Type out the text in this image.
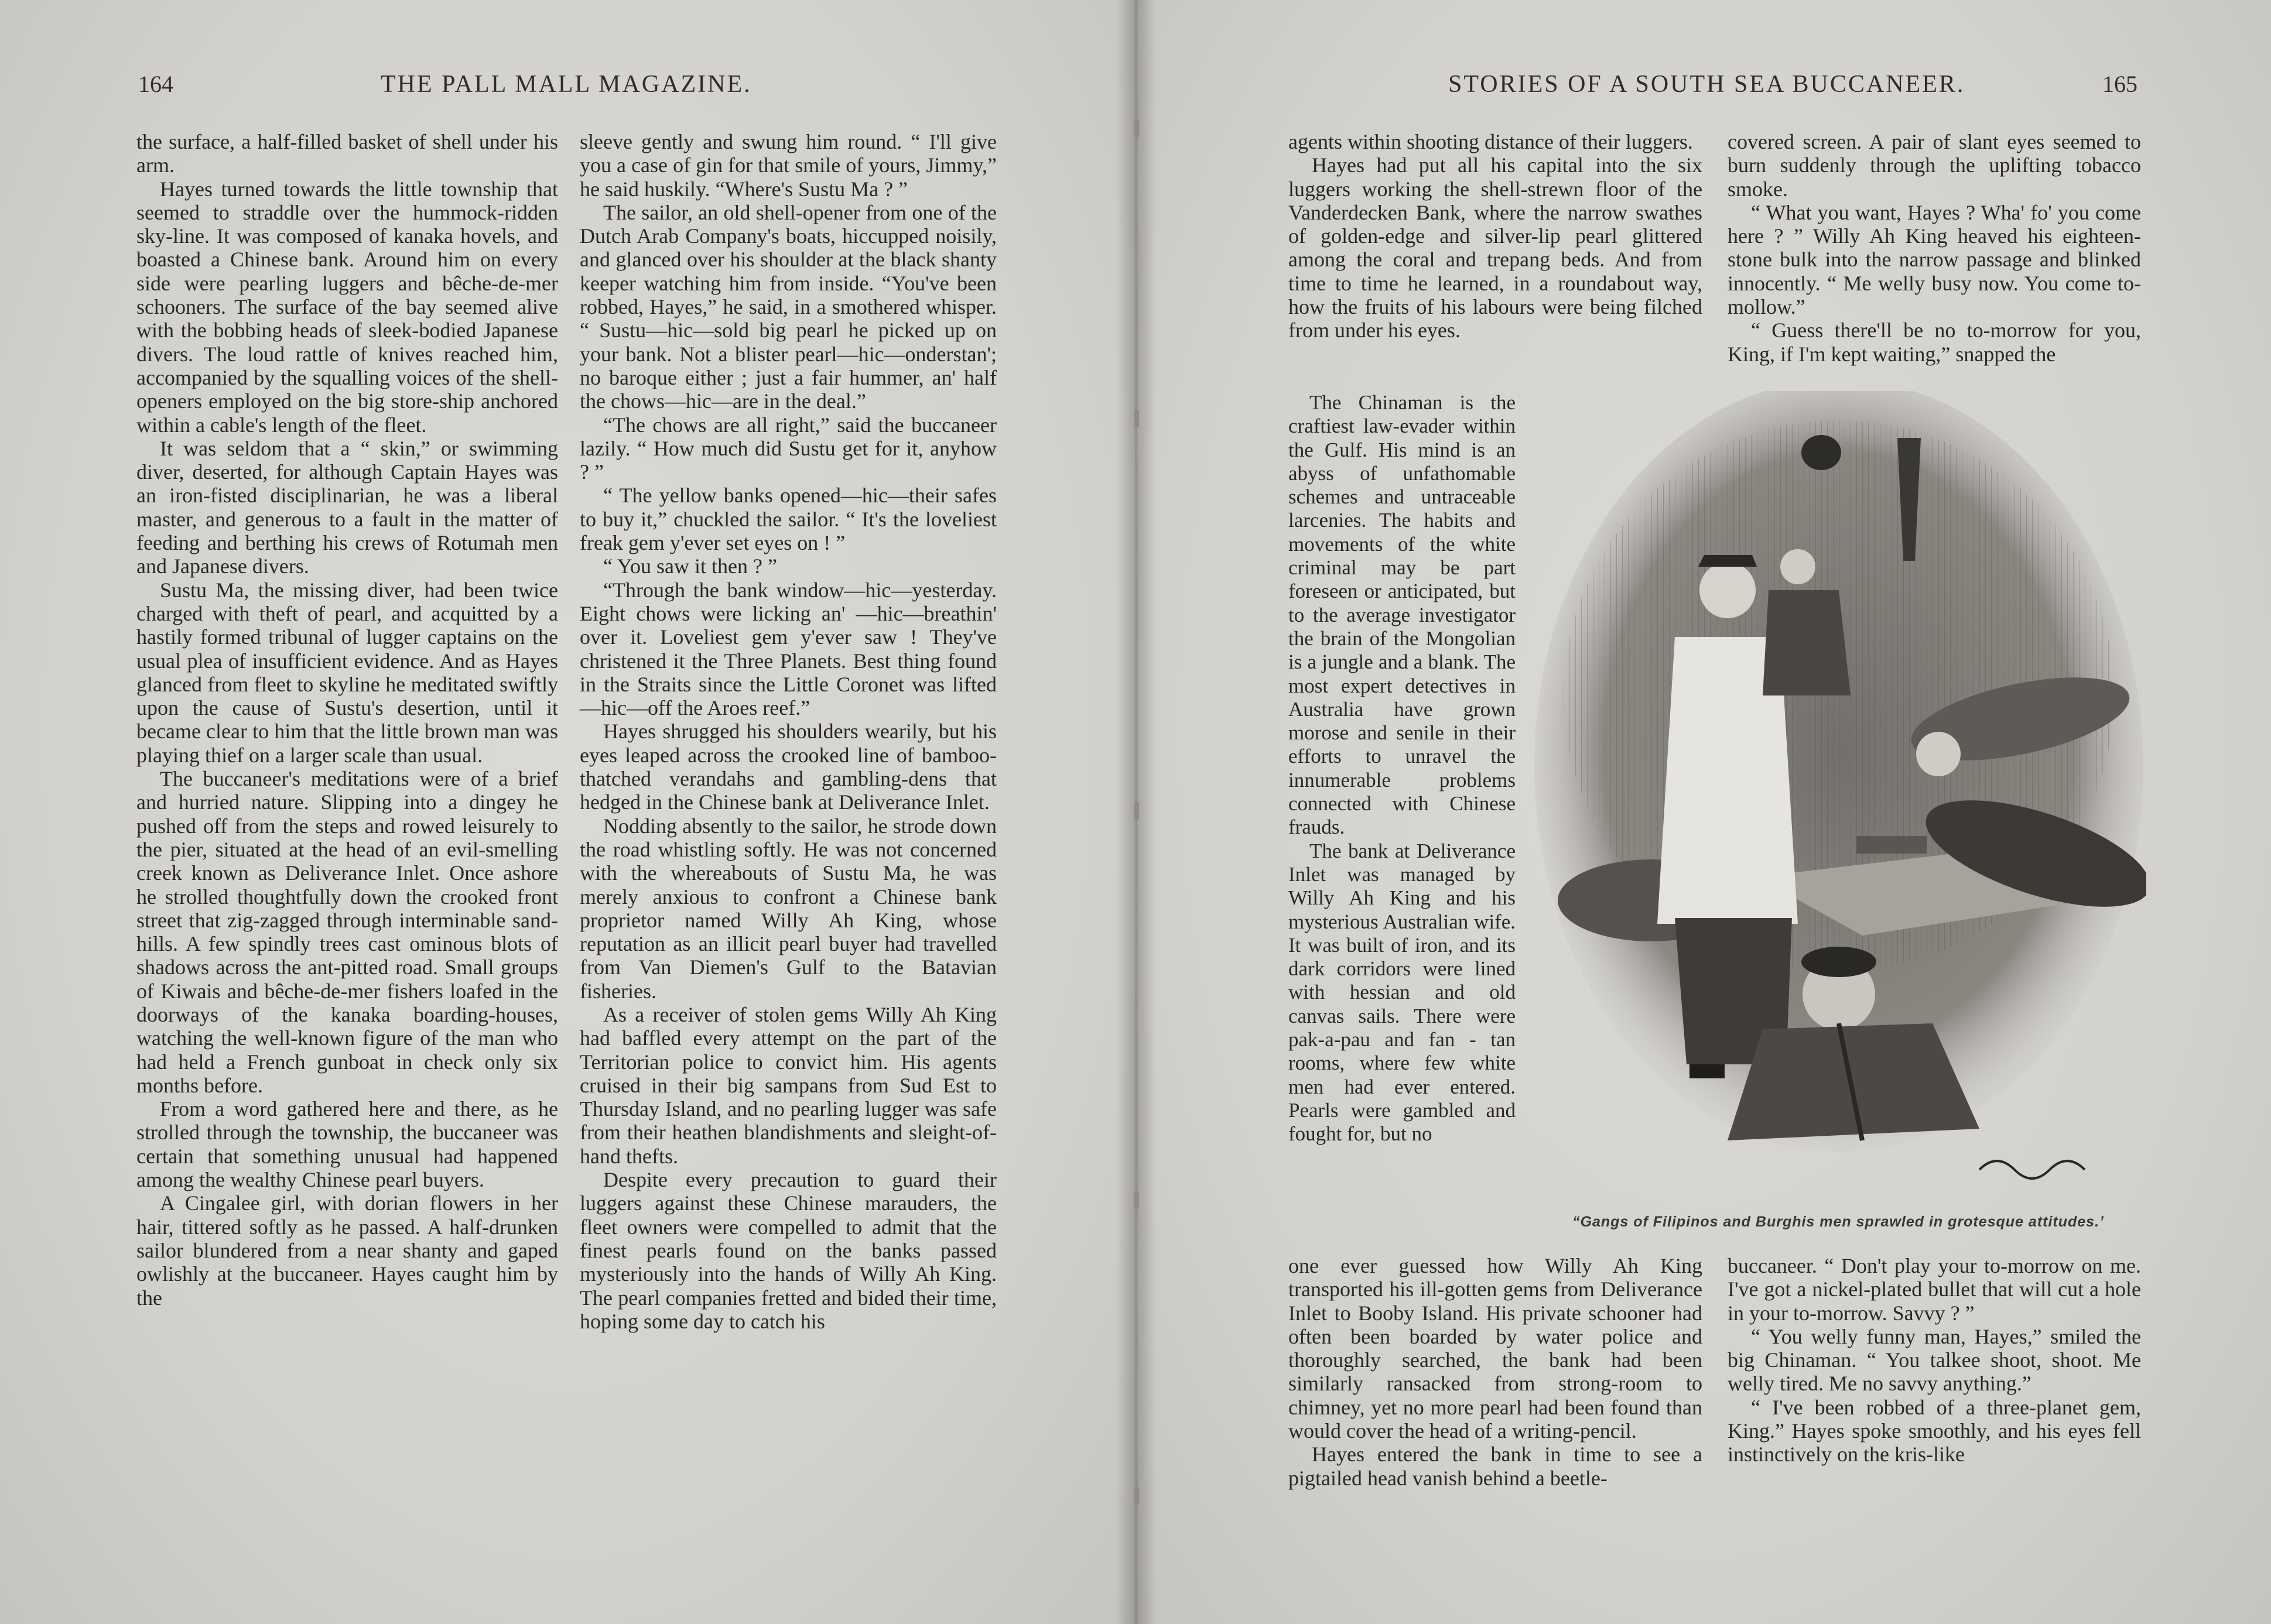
164	THE PALL MALL MAGAZINE.	STORIES OF A SOUTH SEA BUCCANEER.	165

the surface, a half-filled basket of shell under his arm.

Hayes turned towards the little township that seemed to straddle over the hummock-ridden sky-line. It was composed of kanaka hovels, and boasted a Chinese bank. Around him on every side were pearling luggers and bêche-de-mer schooners. The surface of the bay seemed alive with the bobbing heads of sleek-bodied Japanese divers. The loud rattle of knives reached him, accompanied by the squalling voices of the shell-openers employed on the big store-ship anchored within a cable's length of the fleet.

It was seldom that a “ skin,” or swimming diver, deserted, for although Captain Hayes was an iron-fisted disciplinarian, he was a liberal master, and generous to a fault in the matter of feeding and berthing his crews of Rotumah men and Japanese divers.

Sustu Ma, the missing diver, had been twice charged with theft of pearl, and acquitted by a hastily formed tribunal of lugger captains on the usual plea of insufficient evidence. And as Hayes glanced from fleet to skyline he meditated swiftly upon the cause of Sustu's desertion, until it became clear to him that the little brown man was playing thief on a larger scale than usual.

The buccaneer's meditations were of a brief and hurried nature. Slipping into a dingey he pushed off from the steps and rowed leisurely to the pier, situated at the head of an evil-smelling creek known as Deliverance Inlet. Once ashore he strolled thoughtfully down the crooked front street that zig-zagged through interminable sand-hills. A few spindly trees cast ominous blots of shadows across the ant-pitted road. Small groups of Kiwais and bêche-de-mer fishers loafed in the doorways of the kanaka boarding-houses, watching the well-known figure of the man who had held a French gunboat in check only six months before.

From a word gathered here and there, as he strolled through the township, the buccaneer was certain that something unusual had happened among the wealthy Chinese pearl buyers.

A Cingalee girl, with dorian flowers in her hair, tittered softly as he passed. A half-drunken sailor blundered from a near shanty and gaped owlishly at the buccaneer. Hayes caught him by the

sleeve gently and swung him round. “ I'll give you a case of gin for that smile of yours, Jimmy,” he said huskily. “Where's Sustu Ma ? ”

The sailor, an old shell-opener from one of the Dutch Arab Company's boats, hiccupped noisily, and glanced over his shoulder at the black shanty keeper watching him from inside. “You've been robbed, Hayes,” he said, in a smothered whisper. “ Sustu—hic—sold big pearl he picked up on your bank. Not a blister pearl—hic—onderstan'; no baroque either ; just a fair hummer, an' half the chows—hic—are in the deal.”

“The chows are all right,” said the buccaneer lazily. “ How much did Sustu get for it, anyhow ? ”

“ The yellow banks opened—hic—their safes to buy it,” chuckled the sailor. “ It's the loveliest freak gem y'ever set eyes on ! ”

“ You saw it then ? ”

“Through the bank window—hic—yesterday. Eight chows were licking an' —hic—breathin' over it. Loveliest gem y'ever saw ! They've christened it the Three Planets. Best thing found in the Straits since the Little Coronet was lifted —hic—off the Aroes reef.”

Hayes shrugged his shoulders wearily, but his eyes leaped across the crooked line of bamboo-thatched verandahs and gambling-dens that hedged in the Chinese bank at Deliverance Inlet.

Nodding absently to the sailor, he strode down the road whistling softly. He was not concerned with the whereabouts of Sustu Ma, he was merely anxious to confront a Chinese bank proprietor named Willy Ah King, whose reputation as an illicit pearl buyer had travelled from Van Diemen's Gulf to the Batavian fisheries.

As a receiver of stolen gems Willy Ah King had baffled every attempt on the part of the Territorian police to convict him. His agents cruised in their big sampans from Sud Est to Thursday Island, and no pearling lugger was safe from their heathen blandishments and sleight-of-hand thefts.

Despite every precaution to guard their luggers against these Chinese marauders, the fleet owners were compelled to admit that the finest pearls found on the banks passed mysteriously into the hands of Willy Ah King. The pearl companies fretted and bided their time, hoping some day to catch his

agents within shooting distance of their luggers.

Hayes had put all his capital into the six luggers working the shell-strewn floor of the Vanderdecken Bank, where the narrow swathes of golden-edge and silver-lip pearl glittered among the coral and trepang beds. And from time to time he learned, in a roundabout way, how the fruits of his labours were being filched from under his eyes.

The Chinaman is the craftiest law-evader within the Gulf. His mind is an abyss of unfathomable schemes and untraceable larcenies. The habits and movements of the white criminal may be part foreseen or anticipated, but to the average investigator the brain of the Mongolian is a jungle and a blank. The most expert detectives in Australia have grown morose and senile in their efforts to unravel the innumerable problems connected with Chinese frauds.

The bank at Deliverance Inlet was managed by Willy Ah King and his mysterious Australian wife. It was built of iron, and its dark corridors were lined with hessian and old canvas sails. There were pak-a-pau and fan - tan rooms, where few white men had ever entered. Pearls were gambled and fought for, but no

one ever guessed how Willy Ah King transported his ill-gotten gems from Deliverance Inlet to Booby Island. His private schooner had often been boarded by water police and thoroughly searched, the bank had been similarly ransacked from strong-room to chimney, yet no more pearl had been found than would cover the head of a writing-pencil.

Hayes entered the bank in time to see a pigtailed head vanish behind a beetle-

covered screen. A pair of slant eyes seemed to burn suddenly through the uplifting tobacco smoke.

“ What you want, Hayes ? Wha' fo' you come here ? ” Willy Ah King heaved his eighteen-stone bulk into the narrow passage and blinked innocently. “ Me welly busy now. You come to-mollow.”

“ Guess there'll be no to-morrow for you, King, if I'm kept waiting,” snapped the

buccaneer. “ Don't play your to-morrow on me. I've got a nickel-plated bullet that will cut a hole in your to-morrow. Savvy ? ”

“ You welly funny man, Hayes,” smiled the big Chinaman. “ You talkee shoot, shoot. Me welly tired. Me no savvy anything.”

“ I've been robbed of a three-planet gem, King.” Hayes spoke smoothly, and his eyes fell instinctively on the kris-like

“Gangs of Filipinos and Burghis men sprawled in grotesque attitudes.’
